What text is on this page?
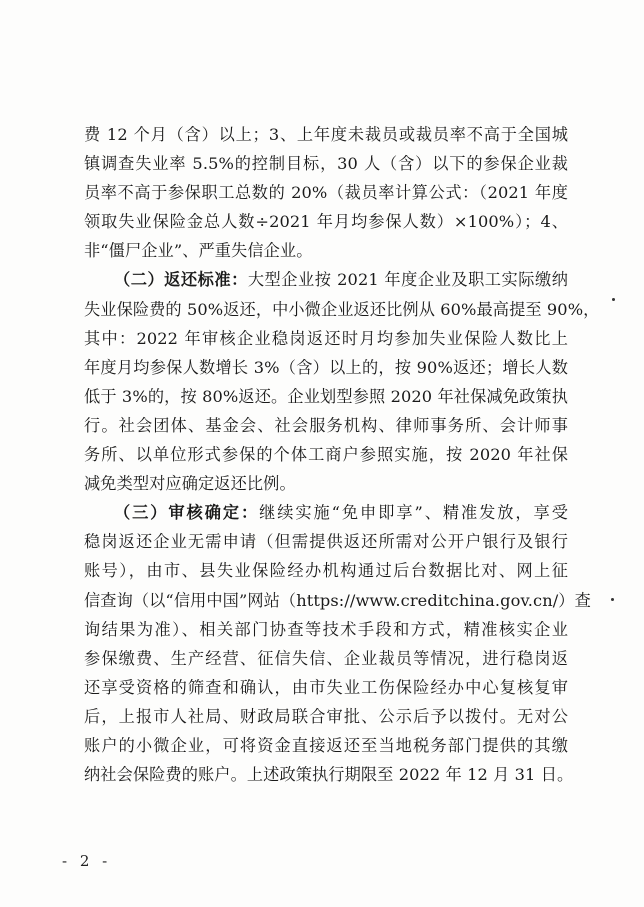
费 12 个月（含）以上；3、上年度未裁员或裁员率不高于全国城
镇调查失业率 5.5%的控制目标，30 人（含）以下的参保企业裁
员率不高于参保职工总数的 20%（裁员率计算公式：（2021 年度
领取失业保险金总人数÷2021 年月均参保人数）×100%）；4、
非“僵尸企业”、严重失信企业。
（二）返还标准：大型企业按 2021 年度企业及职工实际缴纳
失业保险费的 50%返还，中小微企业返还比例从 60%最高提至 90%，
其中：2022 年审核企业稳岗返还时月均参加失业保险人数比上
年度月均参保人数增长 3%（含）以上的，按 90%返还；增长人数
低于 3%的，按 80%返还。企业划型参照 2020 年社保减免政策执
行。社会团体、基金会、社会服务机构、律师事务所、会计师事
务所、以单位形式参保的个体工商户参照实施，按 2020 年社保
减免类型对应确定返还比例。
（三）审核确定：继续实施“免申即享”、精准发放，享受
稳岗返还企业无需申请（但需提供返还所需对公开户银行及银行
账号），由市、县失业保险经办机构通过后台数据比对、网上征
信查询（以“信用中国”网站（https://www.creditchina.gov.cn/）查
询结果为准）、相关部门协查等技术手段和方式，精准核实企业
参保缴费、生产经营、征信失信、企业裁员等情况，进行稳岗返
还享受资格的筛查和确认，由市失业工伤保险经办中心复核复审
后，上报市人社局、财政局联合审批、公示后予以拨付。无对公
账户的小微企业，可将资金直接返还至当地税务部门提供的其缴
纳社会保险费的账户。上述政策执行期限至 2022 年 12 月 31 日。
- 2 -
